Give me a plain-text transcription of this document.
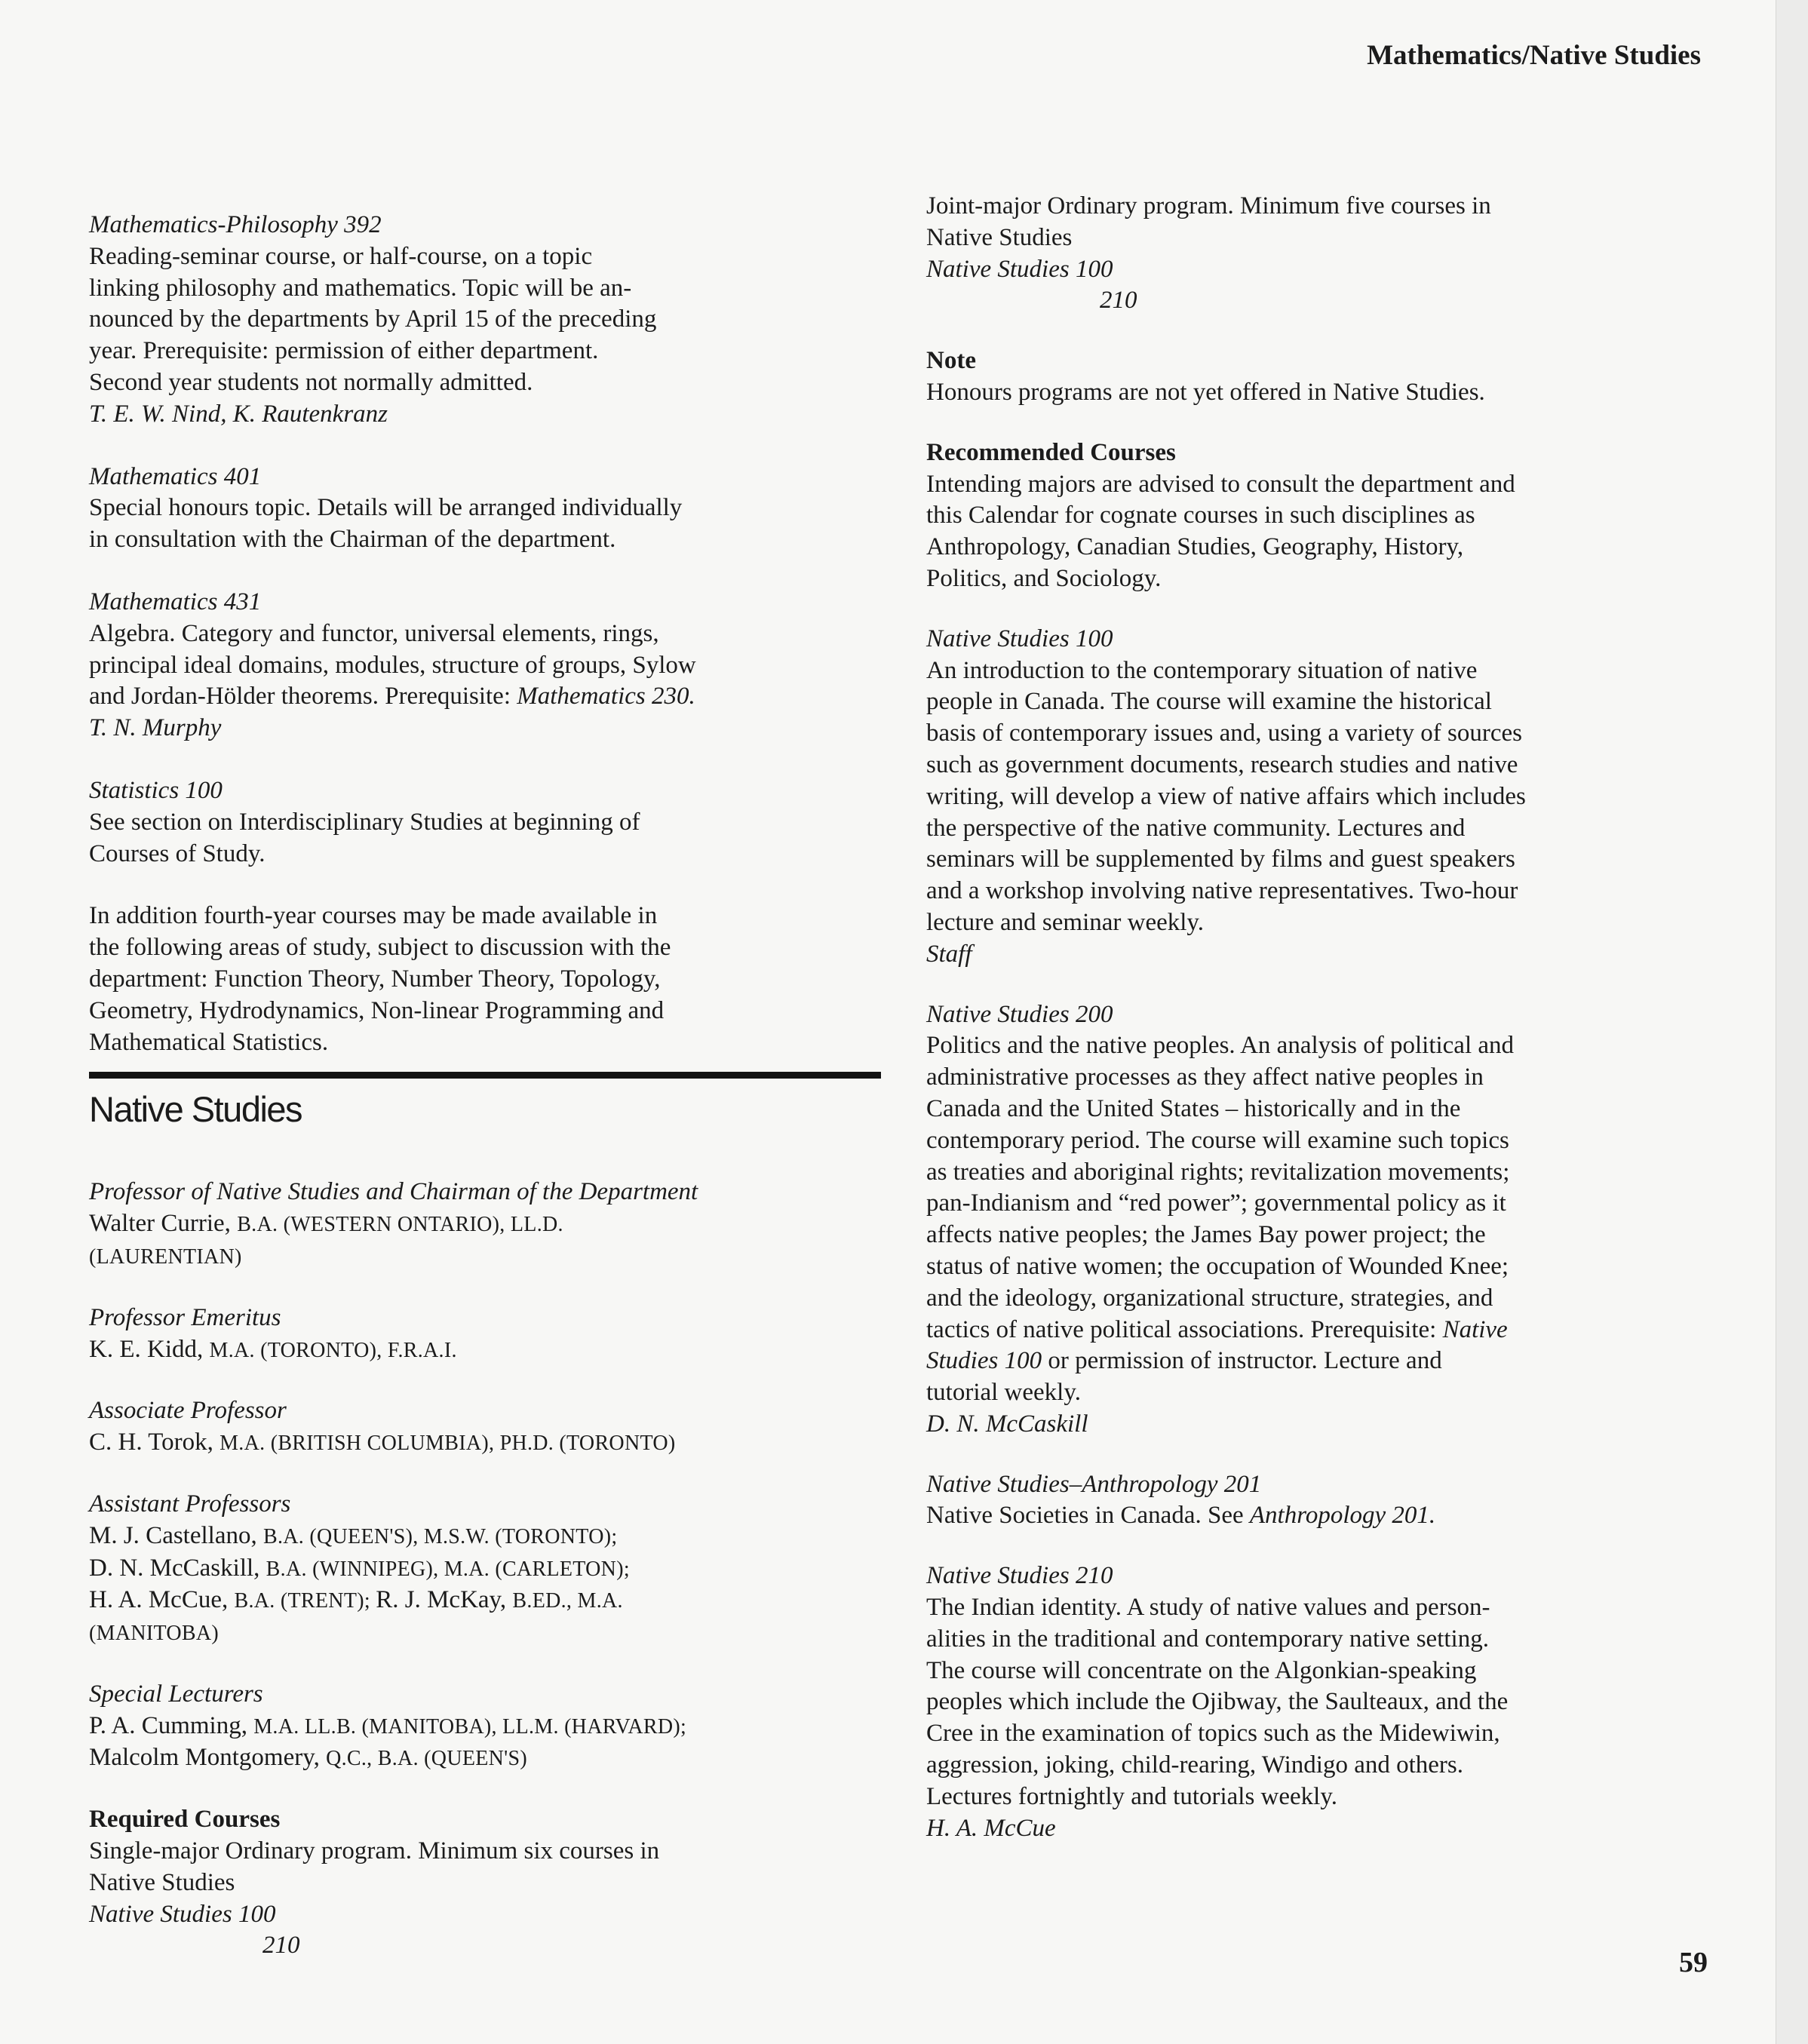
Mathematics/Native Studies
Mathematics-Philosophy 392
Reading-seminar course, or half-course, on a topic
linking philosophy and mathematics. Topic will be an-
nounced by the departments by April 15 of the preceding
year. Prerequisite: permission of either department.
Second year students not normally admitted.
T. E. W. Nind, K. Rautenkranz
Mathematics 401
Special honours topic. Details will be arranged individually
in consultation with the Chairman of the department.
Mathematics 431
Algebra. Category and functor, universal elements, rings,
principal ideal domains, modules, structure of groups, Sylow
and Jordan-Hölder theorems. Prerequisite: Mathematics 230.
T. N. Murphy
Statistics 100
See section on Interdisciplinary Studies at beginning of
Courses of Study.
In addition fourth-year courses may be made available in
the following areas of study, subject to discussion with the
department: Function Theory, Number Theory, Topology,
Geometry, Hydrodynamics, Non-linear Programming and
Mathematical Statistics.
Native Studies
Professor of Native Studies and Chairman of the Department
Walter Currie, B.A. (WESTERN ONTARIO), LL.D.
(LAURENTIAN)
Professor Emeritus
K. E. Kidd, M.A. (TORONTO), F.R.A.I.
Associate Professor
C. H. Torok, M.A. (BRITISH COLUMBIA), PH.D. (TORONTO)
Assistant Professors
M. J. Castellano, B.A. (QUEEN'S), M.S.W. (TORONTO);
D. N. McCaskill, B.A. (WINNIPEG), M.A. (CARLETON);
H. A. McCue, B.A. (TRENT); R. J. McKay, B.ED., M.A.
(MANITOBA)
Special Lecturers
P. A. Cumming, M.A. LL.B. (MANITOBA), LL.M. (HARVARD);
Malcolm Montgomery, Q.C., B.A. (QUEEN'S)
Required Courses
Single-major Ordinary program. Minimum six courses in
Native Studies
Native Studies 100
210
Joint-major Ordinary program. Minimum five courses in
Native Studies
Native Studies 100
210
Note
Honours programs are not yet offered in Native Studies.
Recommended Courses
Intending majors are advised to consult the department and
this Calendar for cognate courses in such disciplines as
Anthropology, Canadian Studies, Geography, History,
Politics, and Sociology.
Native Studies 100
An introduction to the contemporary situation of native
people in Canada. The course will examine the historical
basis of contemporary issues and, using a variety of sources
such as government documents, research studies and native
writing, will develop a view of native affairs which includes
the perspective of the native community. Lectures and
seminars will be supplemented by films and guest speakers
and a workshop involving native representatives. Two-hour
lecture and seminar weekly.
Staff
Native Studies 200
Politics and the native peoples. An analysis of political and
administrative processes as they affect native peoples in
Canada and the United States – historically and in the
contemporary period. The course will examine such topics
as treaties and aboriginal rights; revitalization movements;
pan-Indianism and “red power”; governmental policy as it
affects native peoples; the James Bay power project; the
status of native women; the occupation of Wounded Knee;
and the ideology, organizational structure, strategies, and
tactics of native political associations. Prerequisite: Native
Studies 100 or permission of instructor. Lecture and
tutorial weekly.
D. N. McCaskill
Native Studies–Anthropology 201
Native Societies in Canada. See Anthropology 201.
Native Studies 210
The Indian identity. A study of native values and person-
alities in the traditional and contemporary native setting.
The course will concentrate on the Algonkian-speaking
peoples which include the Ojibway, the Saulteaux, and the
Cree in the examination of topics such as the Midewiwin,
aggression, joking, child-rearing, Windigo and others.
Lectures fortnightly and tutorials weekly.
H. A. McCue
59
